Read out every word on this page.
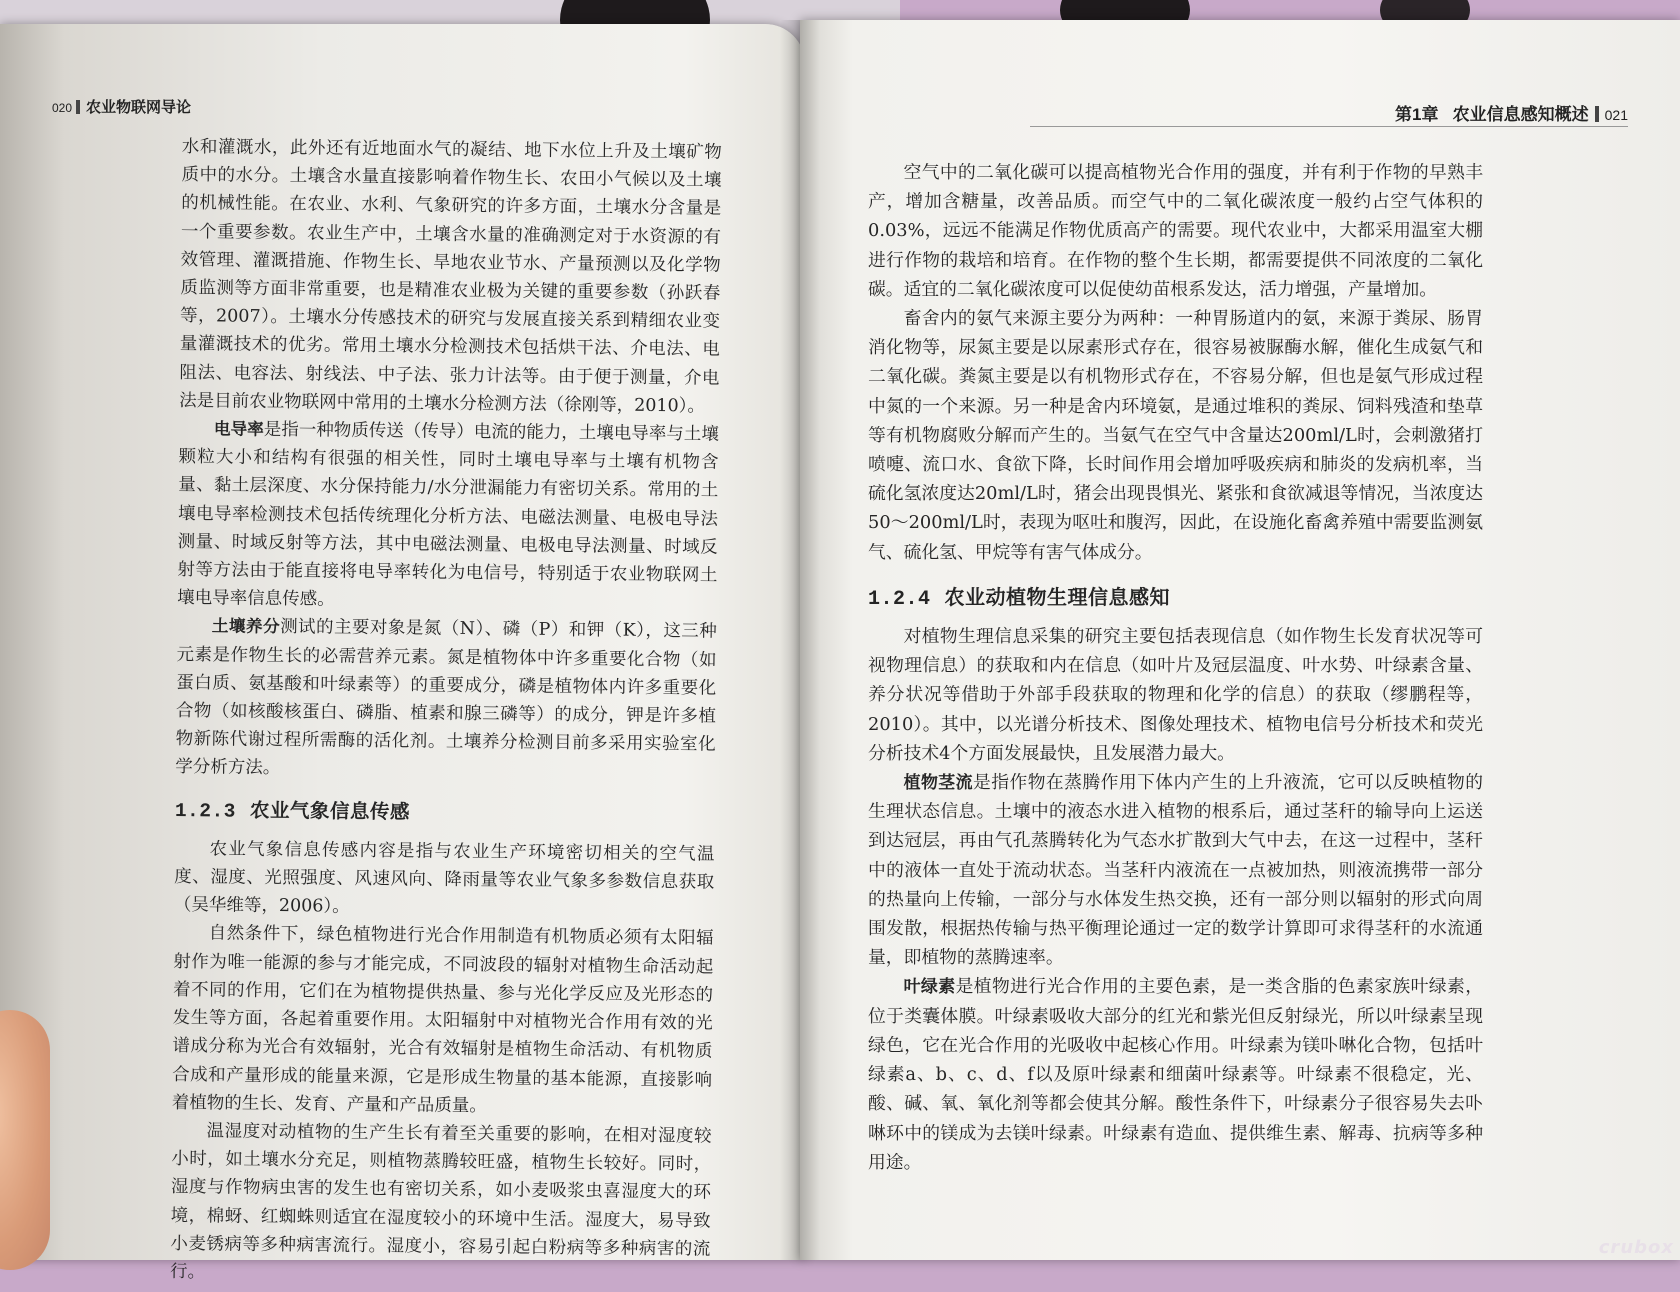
020 农业物联网导论	第1章 农业信息感知概述 021

水和灌溉水，此外还有近地面水气的凝结、地下水位上升及土壤矿物质中的水分。土壤含水量直接影响着作物生长、农田小气候以及土壤的机械性能。在农业、水利、气象研究的许多方面，土壤水分含量是一个重要参数。农业生产中，土壤含水量的准确测定对于水资源的有效管理、灌溉措施、作物生长、旱地农业节水、产量预测以及化学物质监测等方面非常重要，也是精准农业极为关键的重要参数（孙跃春等，2007）。土壤水分传感技术的研究与发展直接关系到精细农业变量灌溉技术的优劣。常用土壤水分检测技术包括烘干法、介电法、电阻法、电容法、射线法、中子法、张力计法等。由于便于测量，介电法是目前农业物联网中常用的土壤水分检测方法（徐刚等，2010）。

电导率是指一种物质传送（传导）电流的能力，土壤电导率与土壤颗粒大小和结构有很强的相关性，同时土壤电导率与土壤有机物含量、黏土层深度、水分保持能力/水分泄漏能力有密切关系。常用的土壤电导率检测技术包括传统理化分析方法、电磁法测量、电极电导法测量、时域反射等方法，其中电磁法测量、电极电导法测量、时域反射等方法由于能直接将电导率转化为电信号，特别适于农业物联网土壤电导率信息传感。

土壤养分测试的主要对象是氮（N）、磷（P）和钾（K），这三种元素是作物生长的必需营养元素。氮是植物体中许多重要化合物（如蛋白质、氨基酸和叶绿素等）的重要成分，磷是植物体内许多重要化合物（如核酸核蛋白、磷脂、植素和腺三磷等）的成分，钾是许多植物新陈代谢过程所需酶的活化剂。土壤养分检测目前多采用实验室化学分析方法。

1.2.3 农业气象信息传感

农业气象信息传感内容是指与农业生产环境密切相关的空气温度、湿度、光照强度、风速风向、降雨量等农业气象多参数信息获取（吴华维等，2006）。

自然条件下，绿色植物进行光合作用制造有机物质必须有太阳辐射作为唯一能源的参与才能完成，不同波段的辐射对植物生命活动起着不同的作用，它们在为植物提供热量、参与光化学反应及光形态的发生等方面，各起着重要作用。太阳辐射中对植物光合作用有效的光谱成分称为光合有效辐射，光合有效辐射是植物生命活动、有机物质合成和产量形成的能量来源，它是形成生物量的基本能源，直接影响着植物的生长、发育、产量和产品质量。

温湿度对动植物的生产生长有着至关重要的影响，在相对湿度较小时，如土壤水分充足，则植物蒸腾较旺盛，植物生长较好。同时，湿度与作物病虫害的发生也有密切关系，如小麦吸浆虫喜湿度大的环境，棉蚜、红蜘蛛则适宜在湿度较小的环境中生活。湿度大，易导致小麦锈病等多种病害流行。湿度小，容易引起白粉病等多种病害的流行。

空气中的二氧化碳可以提高植物光合作用的强度，并有利于作物的早熟丰产，增加含糖量，改善品质。而空气中的二氧化碳浓度一般约占空气体积的0.03%，远远不能满足作物优质高产的需要。现代农业中，大都采用温室大棚进行作物的栽培和培育。在作物的整个生长期，都需要提供不同浓度的二氧化碳。适宜的二氧化碳浓度可以促使幼苗根系发达，活力增强，产量增加。

畜舍内的氨气来源主要分为两种：一种胃肠道内的氨，来源于粪尿、肠胃消化物等，尿氮主要是以尿素形式存在，很容易被脲酶水解，催化生成氨气和二氧化碳。粪氮主要是以有机物形式存在，不容易分解，但也是氨气形成过程中氮的一个来源。另一种是舍内环境氨，是通过堆积的粪尿、饲料残渣和垫草等有机物腐败分解而产生的。当氨气在空气中含量达200ml/L时，会刺激猪打喷嚏、流口水、食欲下降，长时间作用会增加呼吸疾病和肺炎的发病机率，当硫化氢浓度达20ml/L时，猪会出现畏惧光、紧张和食欲减退等情况，当浓度达50～200ml/L时，表现为呕吐和腹泻，因此，在设施化畜禽养殖中需要监测氨气、硫化氢、甲烷等有害气体成分。

1.2.4 农业动植物生理信息感知

对植物生理信息采集的研究主要包括表现信息（如作物生长发育状况等可视物理信息）的获取和内在信息（如叶片及冠层温度、叶水势、叶绿素含量、养分状况等借助于外部手段获取的物理和化学的信息）的获取（缪鹏程等，2010）。其中，以光谱分析技术、图像处理技术、植物电信号分析技术和荧光分析技术4个方面发展最快，且发展潜力最大。

植物茎流是指作物在蒸腾作用下体内产生的上升液流，它可以反映植物的生理状态信息。土壤中的液态水进入植物的根系后，通过茎秆的输导向上运送到达冠层，再由气孔蒸腾转化为气态水扩散到大气中去，在这一过程中，茎秆中的液体一直处于流动状态。当茎秆内液流在一点被加热，则液流携带一部分的热量向上传输，一部分与水体发生热交换，还有一部分则以辐射的形式向周围发散，根据热传输与热平衡理论通过一定的数学计算即可求得茎秆的水流通量，即植物的蒸腾速率。

叶绿素是植物进行光合作用的主要色素，是一类含脂的色素家族叶绿素，位于类囊体膜。叶绿素吸收大部分的红光和紫光但反射绿光，所以叶绿素呈现绿色，它在光合作用的光吸收中起核心作用。叶绿素为镁卟啉化合物，包括叶绿素a、b、c、d、f以及原叶绿素和细菌叶绿素等。叶绿素不很稳定，光、酸、碱、氧、氧化剂等都会使其分解。酸性条件下，叶绿素分子很容易失去卟啉环中的镁成为去镁叶绿素。叶绿素有造血、提供维生素、解毒、抗病等多种用途。

crubox
